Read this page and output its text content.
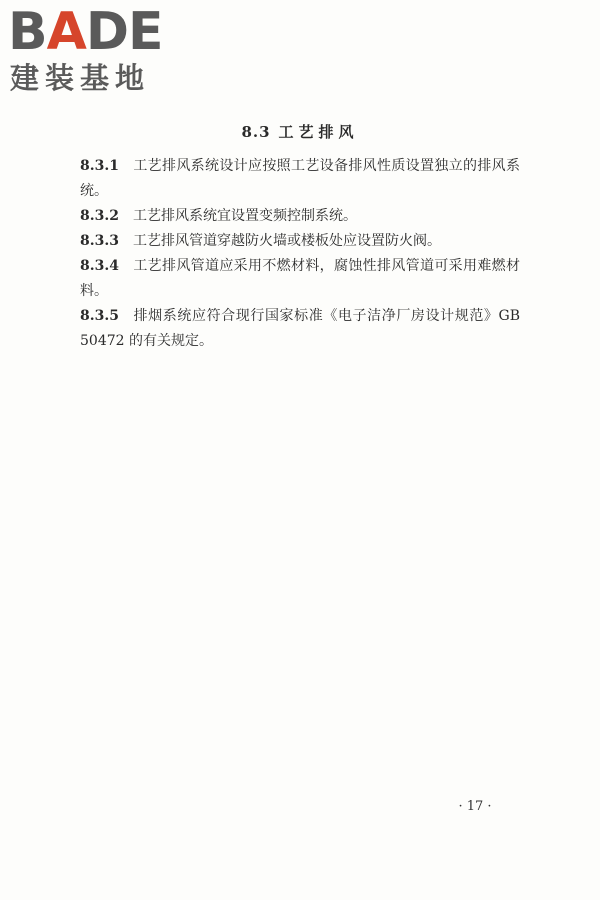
BADE
建装基地
8.3 工艺排风

8.3.1 工艺排风系统设计应按照工艺设备排风性质设置独立的排风系统。

8.3.2 工艺排风系统宜设置变频控制系统。

8.3.3 工艺排风管道穿越防火墙或楼板处应设置防火阀。

8.3.4 工艺排风管道应采用不燃材料，腐蚀性排风管道可采用难燃材料。

8.3.5 排烟系统应符合现行国家标准《电子洁净厂房设计规范》GB 50472 的有关规定。

· 17 ·
